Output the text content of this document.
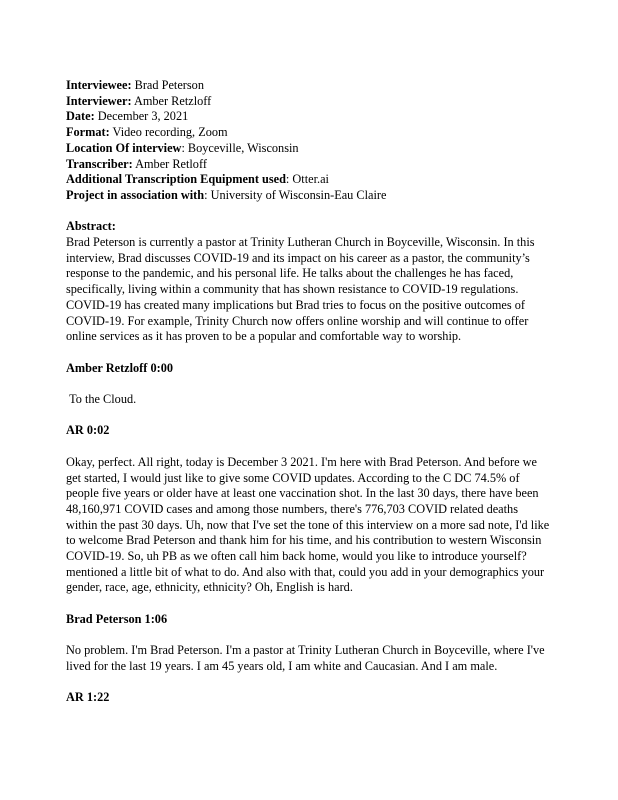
Interviewee: Brad Peterson

Interviewer: Amber Retzloff

Date: December 3, 2021

Format: Video recording, Zoom

Location Of interview: Boyceville, Wisconsin

Transcriber: Amber Retloff

Additional Transcription Equipment used: Otter.ai

Project in association with: University of Wisconsin-Eau Claire

Abstract:
Brad Peterson is currently a pastor at Trinity Lutheran Church in Boyceville, Wisconsin. In this interview, Brad discusses COVID-19 and its impact on his career as a pastor, the community’s response to the pandemic, and his personal life. He talks about the challenges he has faced, specifically, living within a community that has shown resistance to COVID-19 regulations. COVID-19 has created many implications but Brad tries to focus on the positive outcomes of COVID-19. For example, Trinity Church now offers online worship and will continue to offer online services as it has proven to be a popular and comfortable way to worship.
Amber Retzloff 0:00
To the Cloud.
AR 0:02
Okay, perfect. All right, today is December 3 2021. I'm here with Brad Peterson. And before we get started, I would just like to give some COVID updates. According to the C DC 74.5% of people five years or older have at least one vaccination shot. In the last 30 days, there have been 48,160,971 COVID cases and among those numbers, there's 776,703 COVID related deaths within the past 30 days. Uh, now that I've set the tone of this interview on a more sad note, I'd like to welcome Brad Peterson and thank him for his time, and his contribution to western Wisconsin COVID-19. So, uh PB as we often call him back home, would you like to introduce yourself? mentioned a little bit of what to do. And also with that, could you add in your demographics your gender, race, age, ethnicity, ethnicity? Oh, English is hard.
Brad Peterson 1:06
No problem. I'm Brad Peterson. I'm a pastor at Trinity Lutheran Church in Boyceville, where I've lived for the last 19 years. I am 45 years old, I am white and Caucasian. And I am male.
AR 1:22
